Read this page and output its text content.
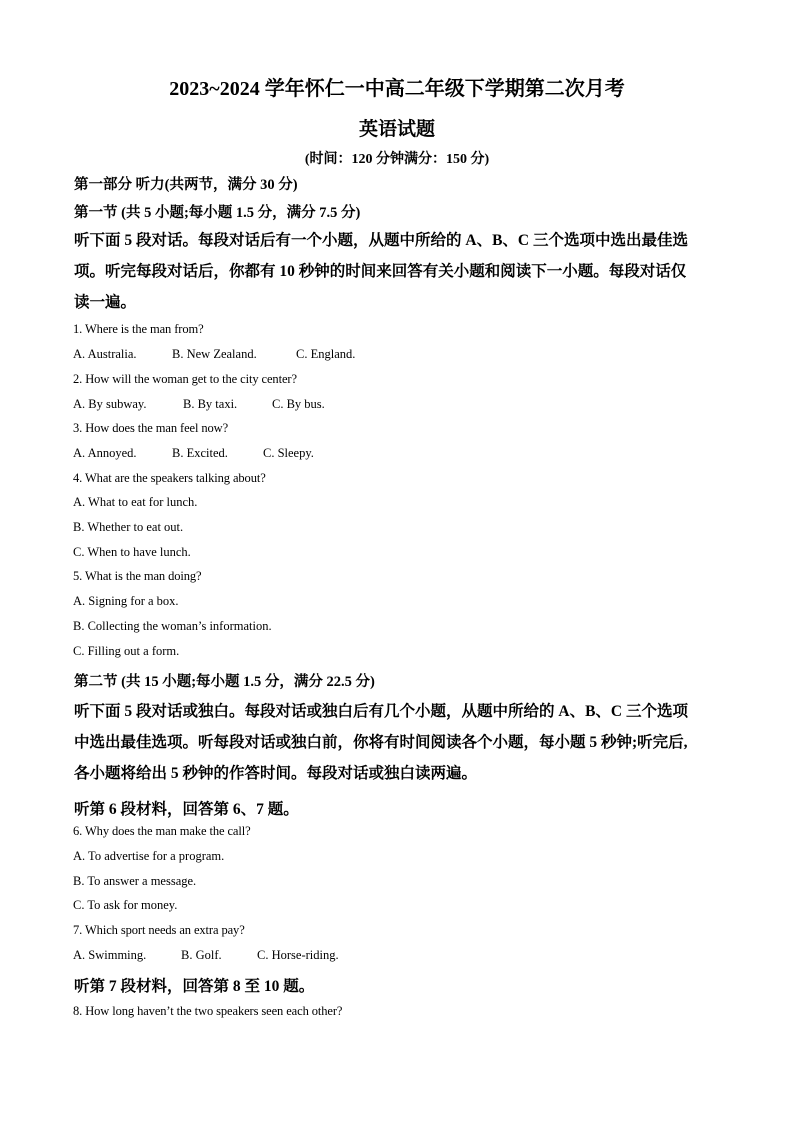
2023~2024 学年怀仁一中高二年级下学期第二次月考
英语试题
(时间：120 分钟满分：150 分)
第一部分 听力(共两节，满分 30 分)
第一节 (共 5 小题;每小题 1.5 分，满分 7.5 分)
听下面 5 段对话。每段对话后有一个小题，从题中所给的 A、B、C 三个选项中选出最佳选
项。听完每段对话后，你都有 10 秒钟的时间来回答有关小题和阅读下一小题。每段对话仅
读一遍。
1. Where is the man from?
A. Australia.	B. New Zealand.	C. England.
2. How will the woman get to the city center?
A. By subway.	B. By taxi.	C. By bus.
3. How does the man feel now?
A. Annoyed.	B. Excited.	C. Sleepy.
4. What are the speakers talking about?
A. What to eat for lunch.
B. Whether to eat out.
C. When to have lunch.
5. What is the man doing?
A. Signing for a box.
B. Collecting the woman’s information.
C. Filling out a form.
第二节 (共 15 小题;每小题 1.5 分，满分 22.5 分)
听下面 5 段对话或独白。每段对话或独白后有几个小题，从题中所给的 A、B、C 三个选项
中选出最佳选项。听每段对话或独白前，你将有时间阅读各个小题，每小题 5 秒钟;听完后,
各小题将给出 5 秒钟的作答时间。每段对话或独白读两遍。
听第 6 段材料，回答第 6、7 题。
6. Why does the man make the call?
A. To advertise for a program.
B. To answer a message.
C. To ask for money.
7. Which sport needs an extra pay?
A. Swimming.	B. Golf.	C. Horse-riding.
听第 7 段材料，回答第 8 至 10 题。
8. How long haven’t the two speakers seen each other?
